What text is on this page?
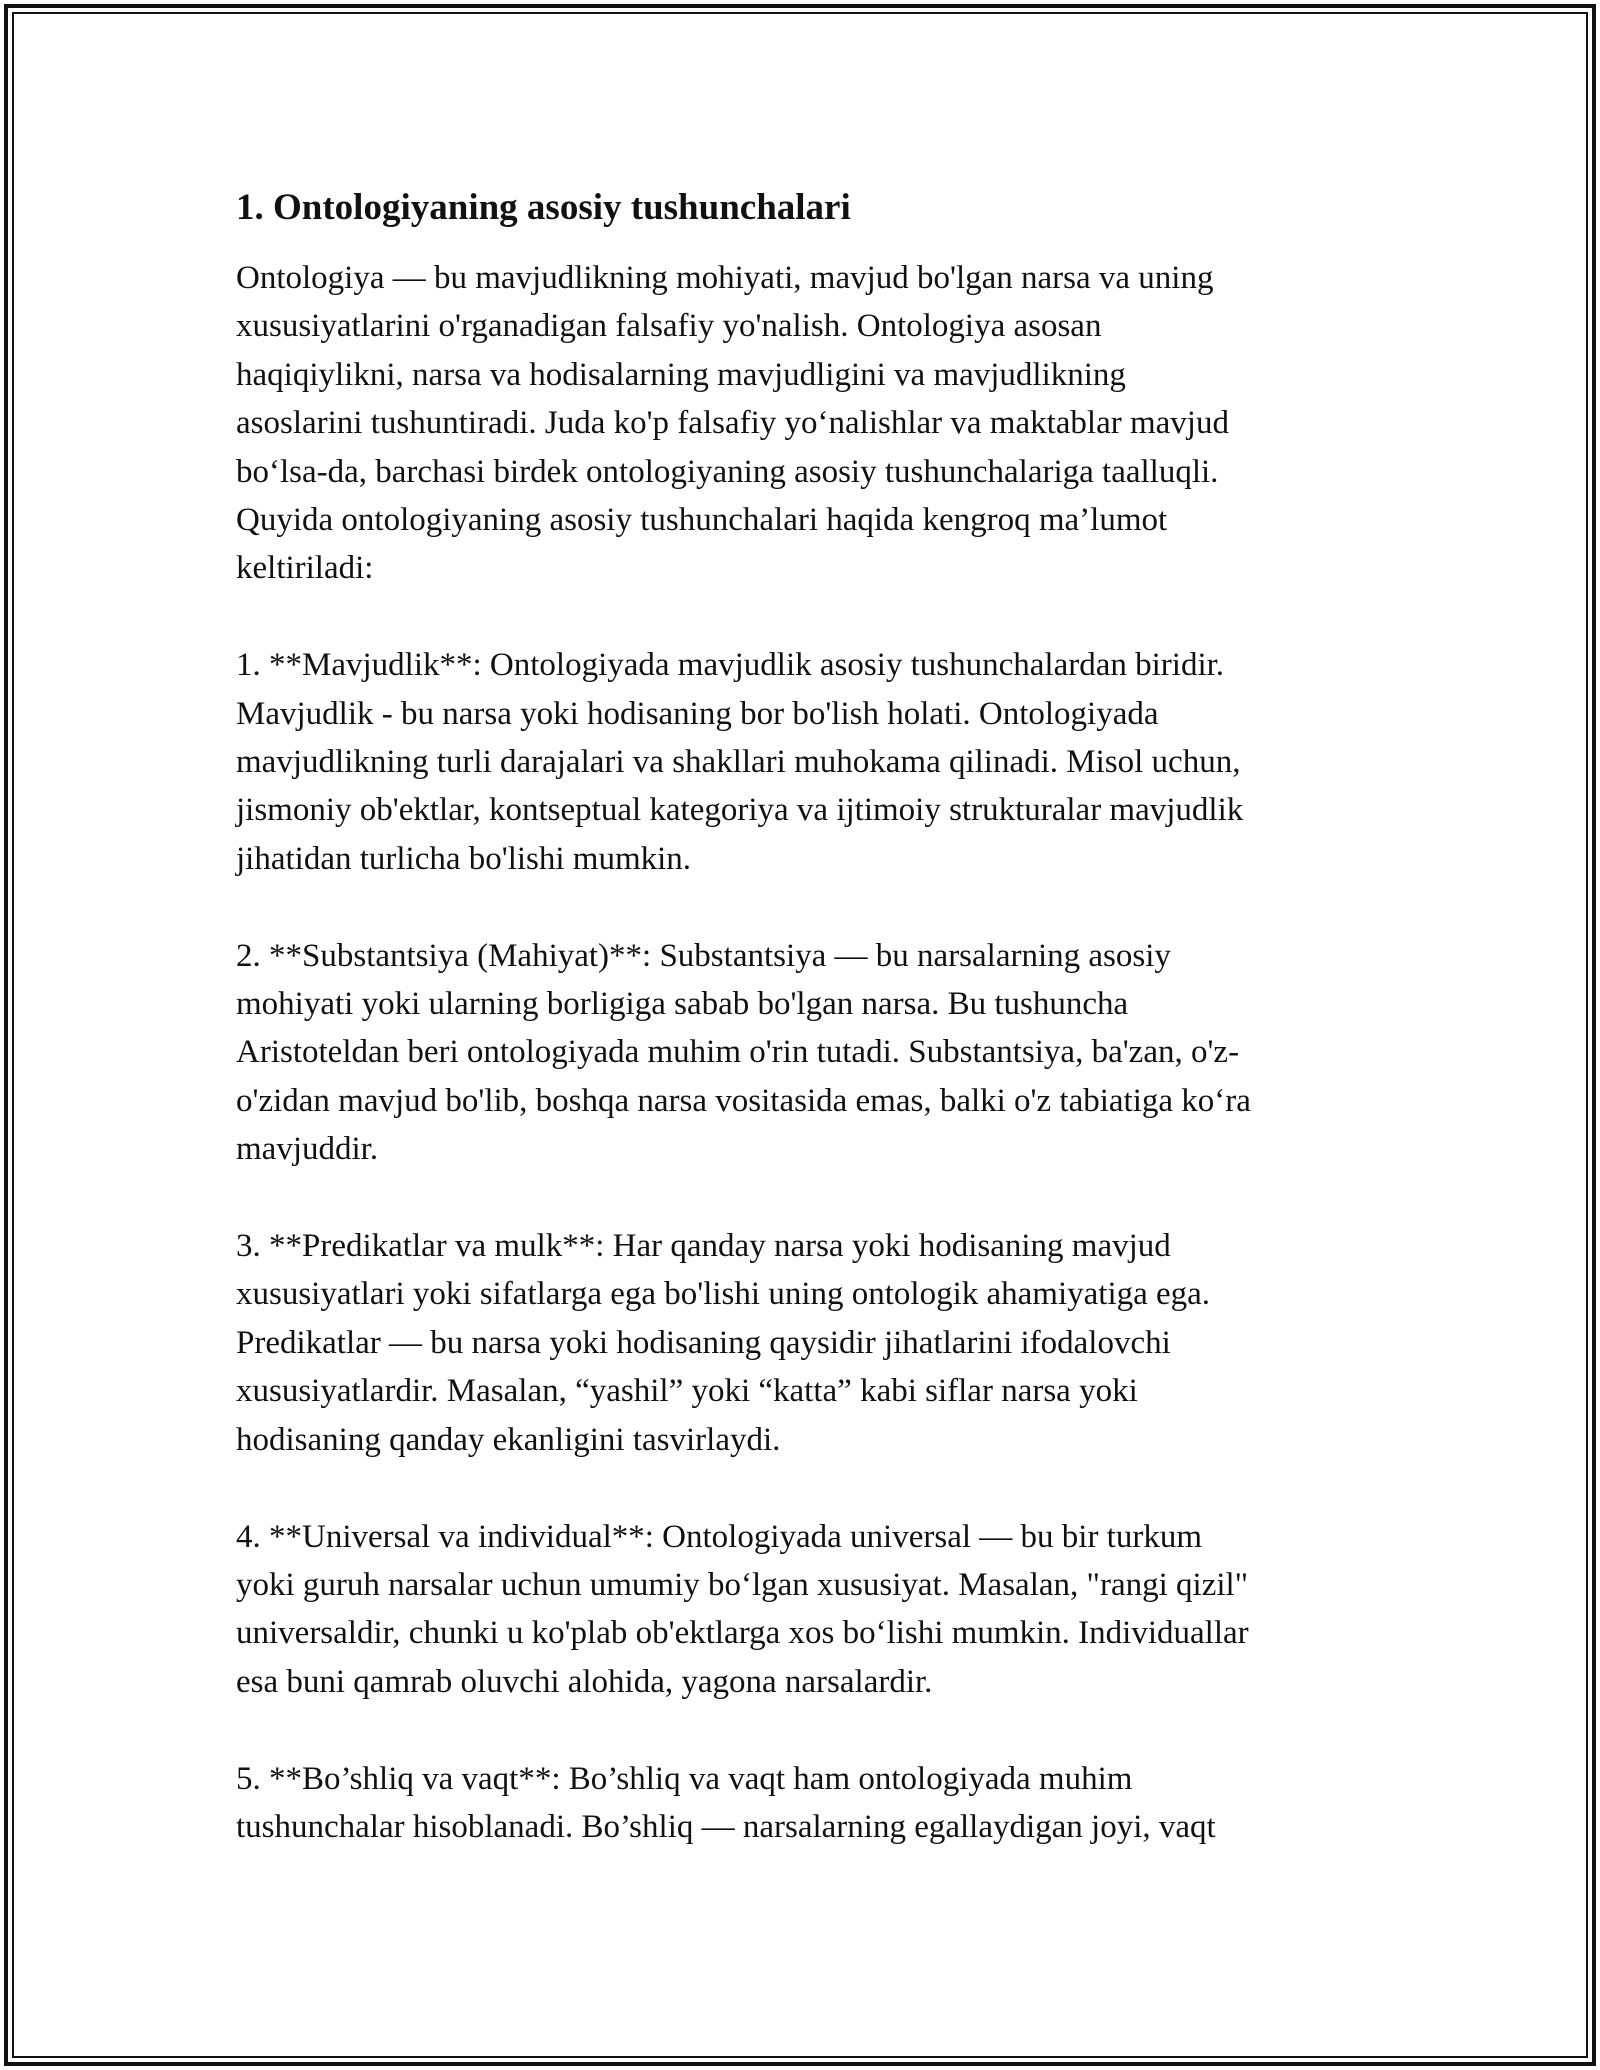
1. Ontologiyaning asosiy tushunchalari

Ontologiya — bu mavjudlikning mohiyati, mavjud bo'lgan narsa va uning
xususiyatlarini o'rganadigan falsafiy yo'nalish. Ontologiya asosan
haqiqiylikni, narsa va hodisalarning mavjudligini va mavjudlikning
asoslarini tushuntiradi. Juda ko'p falsafiy yo‘nalishlar va maktablar mavjud
bo‘lsa-da, barchasi birdek ontologiyaning asosiy tushunchalariga taalluqli.
Quyida ontologiyaning asosiy tushunchalari haqida kengroq ma’lumot
keltiriladi:

1. **Mavjudlik**: Ontologiyada mavjudlik asosiy tushunchalardan biridir.
Mavjudlik - bu narsa yoki hodisaning bor bo'lish holati. Ontologiyada
mavjudlikning turli darajalari va shakllari muhokama qilinadi. Misol uchun,
jismoniy ob'ektlar, kontseptual kategoriya va ijtimoiy strukturalar mavjudlik
jihatidan turlicha bo'lishi mumkin.

2. **Substantsiya (Mahiyat)**: Substantsiya — bu narsalarning asosiy
mohiyati yoki ularning borligiga sabab bo'lgan narsa. Bu tushuncha
Aristoteldan beri ontologiyada muhim o'rin tutadi. Substantsiya, ba'zan, o'z-
o'zidan mavjud bo'lib, boshqa narsa vositasida emas, balki o'z tabiatiga ko‘ra
mavjuddir.

3. **Predikatlar va mulk**: Har qanday narsa yoki hodisaning mavjud
xususiyatlari yoki sifatlarga ega bo'lishi uning ontologik ahamiyatiga ega.
Predikatlar — bu narsa yoki hodisaning qaysidir jihatlarini ifodalovchi
xususiyatlardir. Masalan, “yashil” yoki “katta” kabi siflar narsa yoki
hodisaning qanday ekanligini tasvirlaydi.

4. **Universal va individual**: Ontologiyada universal — bu bir turkum
yoki guruh narsalar uchun umumiy bo‘lgan xususiyat. Masalan, "rangi qizil"
universaldir, chunki u ko'plab ob'ektlarga xos bo‘lishi mumkin. Individuallar
esa buni qamrab oluvchi alohida, yagona narsalardir.

5. **Bo’shliq va vaqt**: Bo’shliq va vaqt ham ontologiyada muhim
tushunchalar hisoblanadi. Bo’shliq — narsalarning egallaydigan joyi, vaqt
